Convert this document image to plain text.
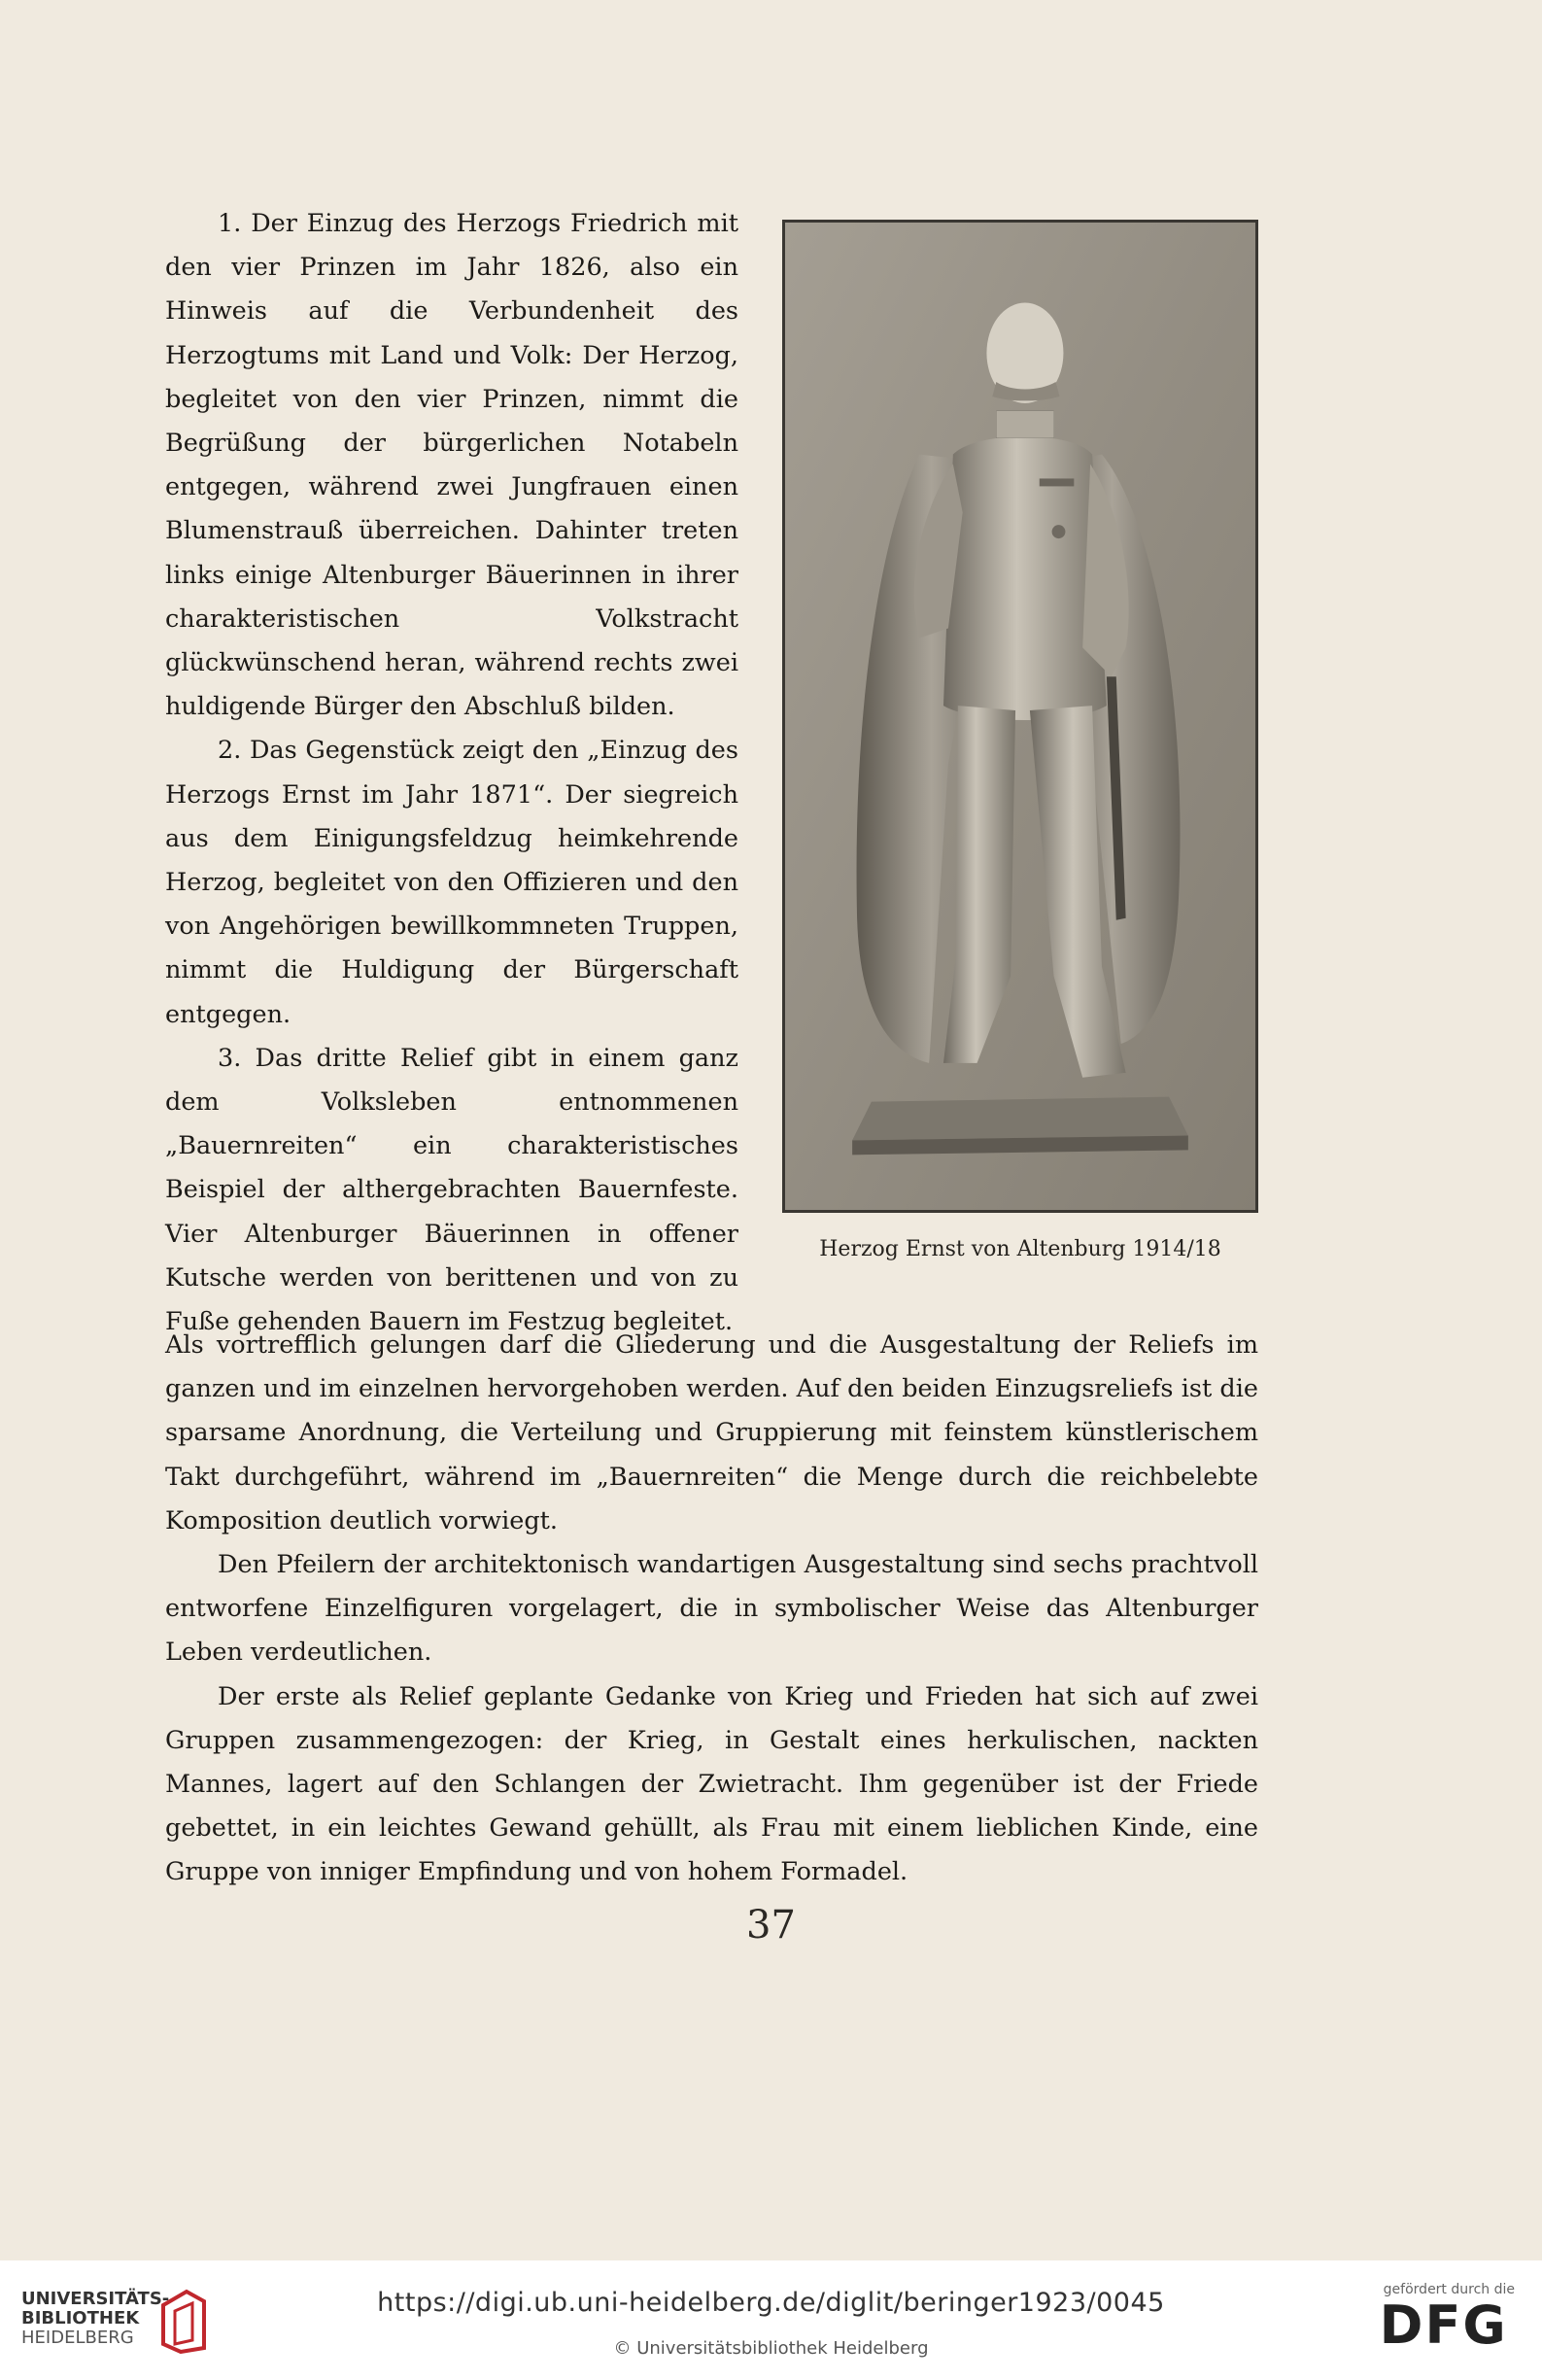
1. Der Einzug des Herzogs Friedrich mit den vier Prinzen im Jahr 1826, also ein Hinweis auf die Verbundenheit des Herzogtums mit Land und Volk: Der Herzog, begleitet von den vier Prinzen, nimmt die Begrüßung der bürgerlichen Notabeln entgegen, während zwei Jungfrauen einen Blumenstrauß überreichen. Dahinter treten links einige Altenburger Bäuerinnen in ihrer charakteristischen Volkstracht glückwünschend heran, während rechts zwei huldigende Bürger den Abschluß bilden.

2. Das Gegenstück zeigt den „Einzug des Herzogs Ernst im Jahr 1871“. Der siegreich aus dem Einigungsfeldzug heimkehrende Herzog, begleitet von den Offizieren und den von Angehörigen bewillkommneten Truppen, nimmt die Huldigung der Bürgerschaft entgegen.

3. Das dritte Relief gibt in einem ganz dem Volksleben entnommenen „Bauernreiten“ ein charakteristisches Beispiel der althergebrachten Bauernfeste. Vier Altenburger Bäuerinnen in offener Kutsche werden von berittenen und von zu Fuße gehenden Bauern im Festzug begleitet.

Herzog Ernst von Altenburg 1914/18

Als vortrefflich gelungen darf die Gliederung und die Ausgestaltung der Reliefs im ganzen und im einzelnen hervorgehoben werden. Auf den beiden Einzugsreliefs ist die sparsame Anordnung, die Verteilung und Gruppierung mit feinstem künstlerischem Takt durchgeführt, während im „Bauernreiten“ die Menge durch die reichbelebte Komposition deutlich vorwiegt.

Den Pfeilern der architektonisch wandartigen Ausgestaltung sind sechs prachtvoll entworfene Einzelfiguren vorgelagert, die in symbolischer Weise das Altenburger Leben verdeutlichen.

Der erste als Relief geplante Gedanke von Krieg und Frieden hat sich auf zwei Gruppen zusammengezogen: der Krieg, in Gestalt eines herkulischen, nackten Mannes, lagert auf den Schlangen der Zwietracht. Ihm gegenüber ist der Friede gebettet, in ein leichtes Gewand gehüllt, als Frau mit einem lieblichen Kinde, eine Gruppe von inniger Empfindung und von hohem Formadel.

37
UNIVERSITÄTS-
BIBLIOTHEK
HEIDELBERG
https://digi.ub.uni-heidelberg.de/diglit/beringer1923/0045
© Universitätsbibliothek Heidelberg
gefördert durch die
DFG
